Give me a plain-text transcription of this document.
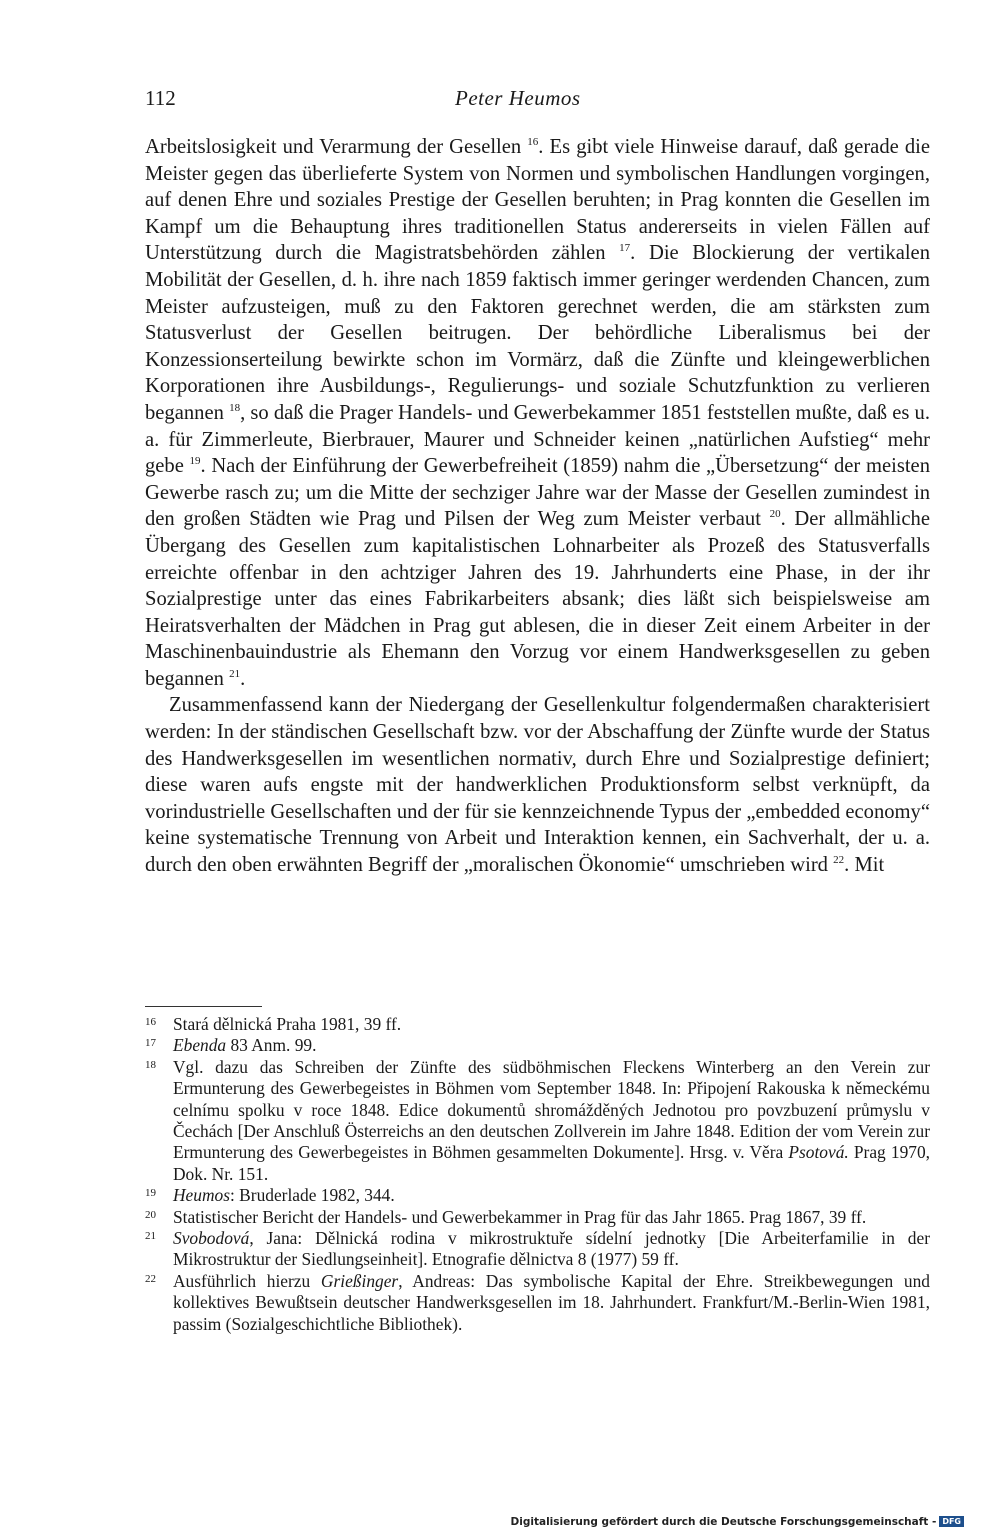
112	Peter Heumos

Arbeitslosigkeit und Verarmung der Gesellen $^{16}$. Es gibt viele Hinweise darauf, daß gerade die Meister gegen das überlieferte System von Normen und symbolischen Handlungen vorgingen, auf denen Ehre und soziales Prestige der Gesellen beruhten; in Prag konnten die Gesellen im Kampf um die Behauptung ihres traditionellen Status andererseits in vielen Fällen auf Unterstützung durch die Magistratsbehörden zählen $^{17}$. Die Blockierung der vertikalen Mobilität der Gesellen, d. h. ihre nach 1859 faktisch immer geringer werdenden Chancen, zum Meister aufzusteigen, muß zu den Faktoren gerechnet werden, die am stärksten zum Statusverlust der Gesellen beitrugen. Der behördliche Liberalismus bei der Konzessionserteilung bewirkte schon im Vormärz, daß die Zünfte und kleingewerblichen Korporationen ihre Ausbildungs-, Regulierungs- und soziale Schutzfunktion zu verlieren begannen $^{18}$, so daß die Prager Handels- und Gewerbekammer 1851 feststellen mußte, daß es u. a. für Zimmerleute, Bierbrauer, Maurer und Schneider keinen „natürlichen Aufstieg“ mehr gebe $^{19}$. Nach der Einführung der Gewerbefreiheit (1859) nahm die „Übersetzung“ der meisten Gewerbe rasch zu; um die Mitte der sechziger Jahre war der Masse der Gesellen zumindest in den großen Städten wie Prag und Pilsen der Weg zum Meister verbaut $^{20}$. Der allmähliche Übergang des Gesellen zum kapitalistischen Lohnarbeiter als Prozeß des Statusverfalls erreichte offenbar in den achtziger Jahren des 19. Jahrhunderts eine Phase, in der ihr Sozialprestige unter das eines Fabrikarbeiters absank; dies läßt sich beispielsweise am Heiratsverhalten der Mädchen in Prag gut ablesen, die in dieser Zeit einem Arbeiter in der Maschinenbauindustrie als Ehemann den Vorzug vor einem Handwerksgesellen zu geben begannen $^{21}$.

Zusammenfassend kann der Niedergang der Gesellenkultur folgendermaßen charakterisiert werden: In der ständischen Gesellschaft bzw. vor der Abschaffung der Zünfte wurde der Status des Handwerksgesellen im wesentlichen normativ, durch Ehre und Sozialprestige definiert; diese waren aufs engste mit der handwerklichen Produktionsform selbst verknüpft, da vorindustrielle Gesellschaften und der für sie kennzeichnende Typus der „embedded economy“ keine systematische Trennung von Arbeit und Interaktion kennen, ein Sachverhalt, der u. a. durch den oben erwähnten Begriff der „moralischen Ökonomie“ umschrieben wird $^{22}$. Mit

16 Stará dělnická Praha 1981, 39 ff.
17 Ebenda 83 Anm. 99.
18 Vgl. dazu das Schreiben der Zünfte des südböhmischen Fleckens Winterberg an den Verein zur Ermunterung des Gewerbegeistes in Böhmen vom September 1848. In: Připojení Rakouska k německému celnímu spolku v roce 1848. Edice dokumentů shromážděných Jednotou pro povzbuzení průmyslu v Čechách [Der Anschluß Österreichs an den deutschen Zollverein im Jahre 1848. Edition der vom Verein zur Ermunterung des Gewerbegeistes in Böhmen gesammelten Dokumente]. Hrsg. v. Věra Psotová. Prag 1970, Dok. Nr. 151.
19 Heumos: Bruderlade 1982, 344.
20 Statistischer Bericht der Handels- und Gewerbekammer in Prag für das Jahr 1865. Prag 1867, 39 ff.
21 Svobodová, Jana: Dělnická rodina v mikrostruktuře sídelní jednotky [Die Arbeiterfamilie in der Mikrostruktur der Siedlungseinheit]. Etnografie dělnictva 8 (1977) 59 ff.
22 Ausführlich hierzu Grießinger, Andreas: Das symbolische Kapital der Ehre. Streikbewegungen und kollektives Bewußtsein deutscher Handwerksgesellen im 18. Jahrhundert. Frankfurt/M.-Berlin-Wien 1981, passim (Sozialgeschichtliche Bibliothek).
Digitalisierung gefördert durch die Deutsche Forschungsgemeinschaft - DFG
